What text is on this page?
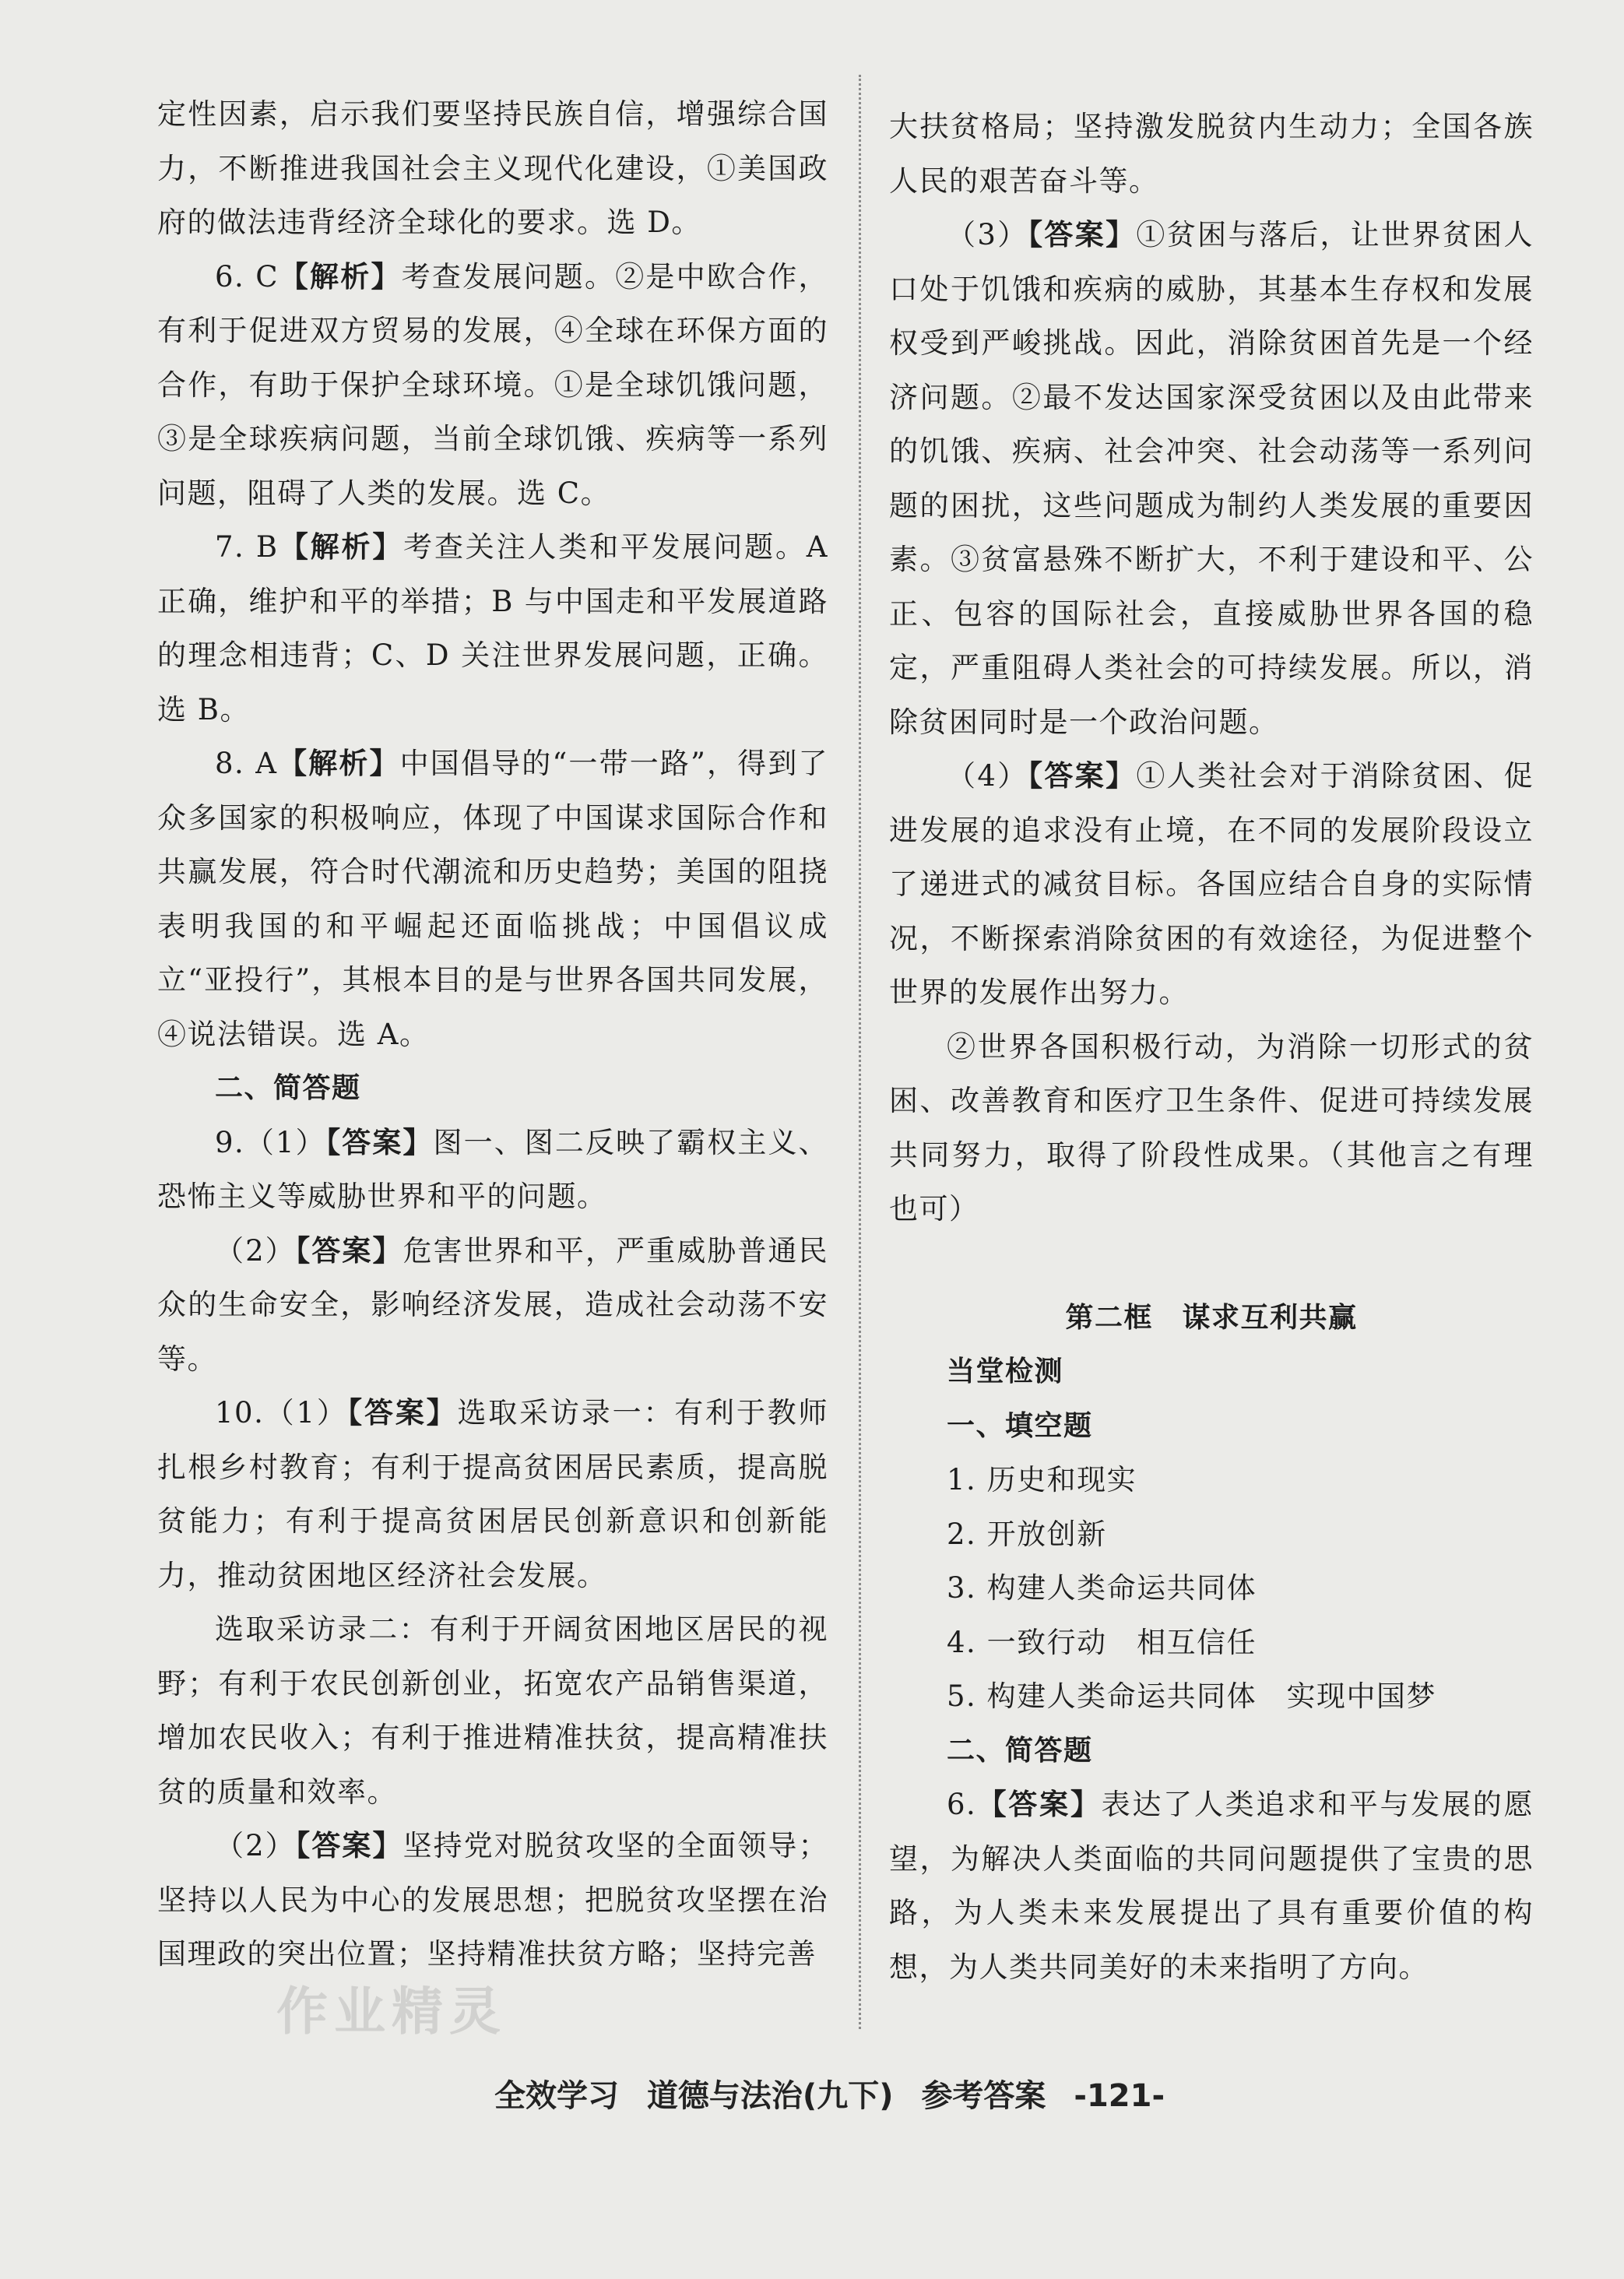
定性因素，启示我们要坚持民族自信，增强综合国力，不断推进我国社会主义现代化建设，①美国政府的做法违背经济全球化的要求。选 D。

6. C【解析】考查发展问题。②是中欧合作，有利于促进双方贸易的发展，④全球在环保方面的合作，有助于保护全球环境。①是全球饥饿问题，③是全球疾病问题，当前全球饥饿、疾病等一系列问题，阻碍了人类的发展。选 C。

7. B【解析】考查关注人类和平发展问题。A 正确，维护和平的举措；B 与中国走和平发展道路的理念相违背；C、D 关注世界发展问题，正确。选 B。

8. A【解析】中国倡导的“一带一路”，得到了众多国家的积极响应，体现了中国谋求国际合作和共赢发展，符合时代潮流和历史趋势；美国的阻挠表明我国的和平崛起还面临挑战；中国倡议成立“亚投行”，其根本目的是与世界各国共同发展，④说法错误。选 A。

二、简答题

9.（1）【答案】图一、图二反映了霸权主义、恐怖主义等威胁世界和平的问题。

（2）【答案】危害世界和平，严重威胁普通民众的生命安全，影响经济发展，造成社会动荡不安等。

10.（1）【答案】选取采访录一：有利于教师扎根乡村教育；有利于提高贫困居民素质，提高脱贫能力；有利于提高贫困居民创新意识和创新能力，推动贫困地区经济社会发展。

选取采访录二：有利于开阔贫困地区居民的视野；有利于农民创新创业，拓宽农产品销售渠道，增加农民收入；有利于推进精准扶贫，提高精准扶贫的质量和效率。

（2）【答案】坚持党对脱贫攻坚的全面领导；坚持以人民为中心的发展思想；把脱贫攻坚摆在治国理政的突出位置；坚持精准扶贫方略；坚持完善

大扶贫格局；坚持激发脱贫内生动力；全国各族人民的艰苦奋斗等。

（3）【答案】①贫困与落后，让世界贫困人口处于饥饿和疾病的威胁，其基本生存权和发展权受到严峻挑战。因此，消除贫困首先是一个经济问题。②最不发达国家深受贫困以及由此带来的饥饿、疾病、社会冲突、社会动荡等一系列问题的困扰，这些问题成为制约人类发展的重要因素。③贫富悬殊不断扩大，不利于建设和平、公正、包容的国际社会，直接威胁世界各国的稳定，严重阻碍人类社会的可持续发展。所以，消除贫困同时是一个政治问题。

（4）【答案】①人类社会对于消除贫困、促进发展的追求没有止境，在不同的发展阶段设立了递进式的减贫目标。各国应结合自身的实际情况，不断探索消除贫困的有效途径，为促进整个世界的发展作出努力。

②世界各国积极行动，为消除一切形式的贫困、改善教育和医疗卫生条件、促进可持续发展共同努力，取得了阶段性成果。（其他言之有理也可）

第二框　谋求互利共赢

当堂检测

一、填空题

1. 历史和现实

2. 开放创新

3. 构建人类命运共同体

4. 一致行动　相互信任

5. 构建人类命运共同体　实现中国梦

二、简答题

6.【答案】表达了人类追求和平与发展的愿望，为解决人类面临的共同问题提供了宝贵的思路，为人类未来发展提出了具有重要价值的构想，为人类共同美好的未来指明了方向。

全效学习 道德与法治(九下) 参考答案 -121-
作业精灵
